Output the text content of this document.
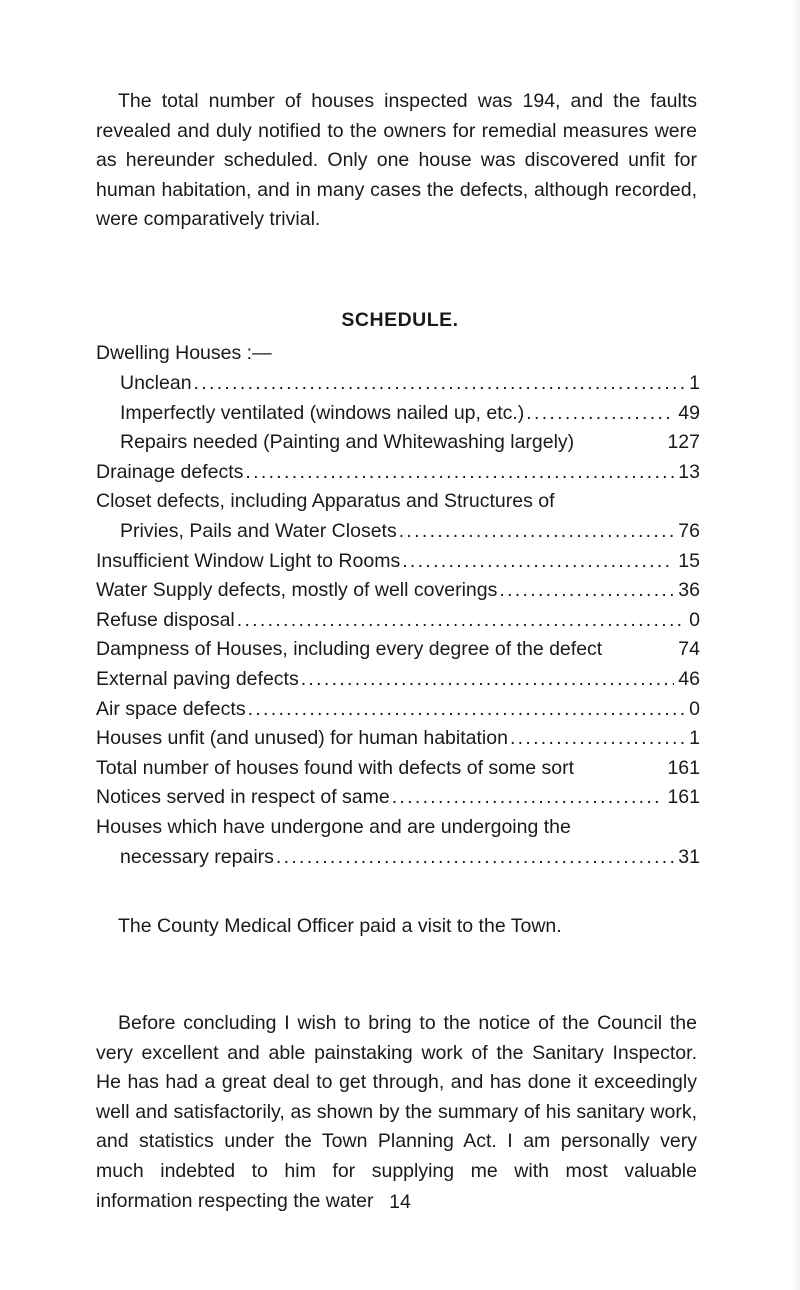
The total number of houses inspected was 194, and the faults revealed and duly notified to the owners for remedial measures were as hereunder scheduled. Only one house was discovered unfit for human habitation, and in many cases the defects, although recorded, were comparatively trivial.

SCHEDULE.

Dwelling Houses :—

Unclean .....	1
Imperfectly ventilated (windows nailed up, etc.) .....	49
Repairs needed (Painting and Whitewashing largely)	127
Drainage defects .....	13
Closet defects, including Apparatus and Structures of
Privies, Pails and Water Closets .....	76
Insufficient Window Light to Rooms .....	15
Water Supply defects, mostly of well coverings .....	36
Refuse disposal .....	0
Dampness of Houses, including every degree of the defect	74
External paving defects .....	46
Air space defects .....	0
Houses unfit (and unused) for human habitation .....	1
Total number of houses found with defects of some sort	161
Notices served in respect of same .....	161
Houses which have undergone and are undergoing the
necessary repairs .....	31

The County Medical Officer paid a visit to the Town.

Before concluding I wish to bring to the notice of the Council the very excellent and able painstaking work of the Sanitary Inspector. He has had a great deal to get through, and has done it exceedingly well and satisfactorily, as shown by the summary of his sanitary work, and statistics under the Town Planning Act. I am personally very much indebted to him for supplying me with most valuable information respecting the water 14
